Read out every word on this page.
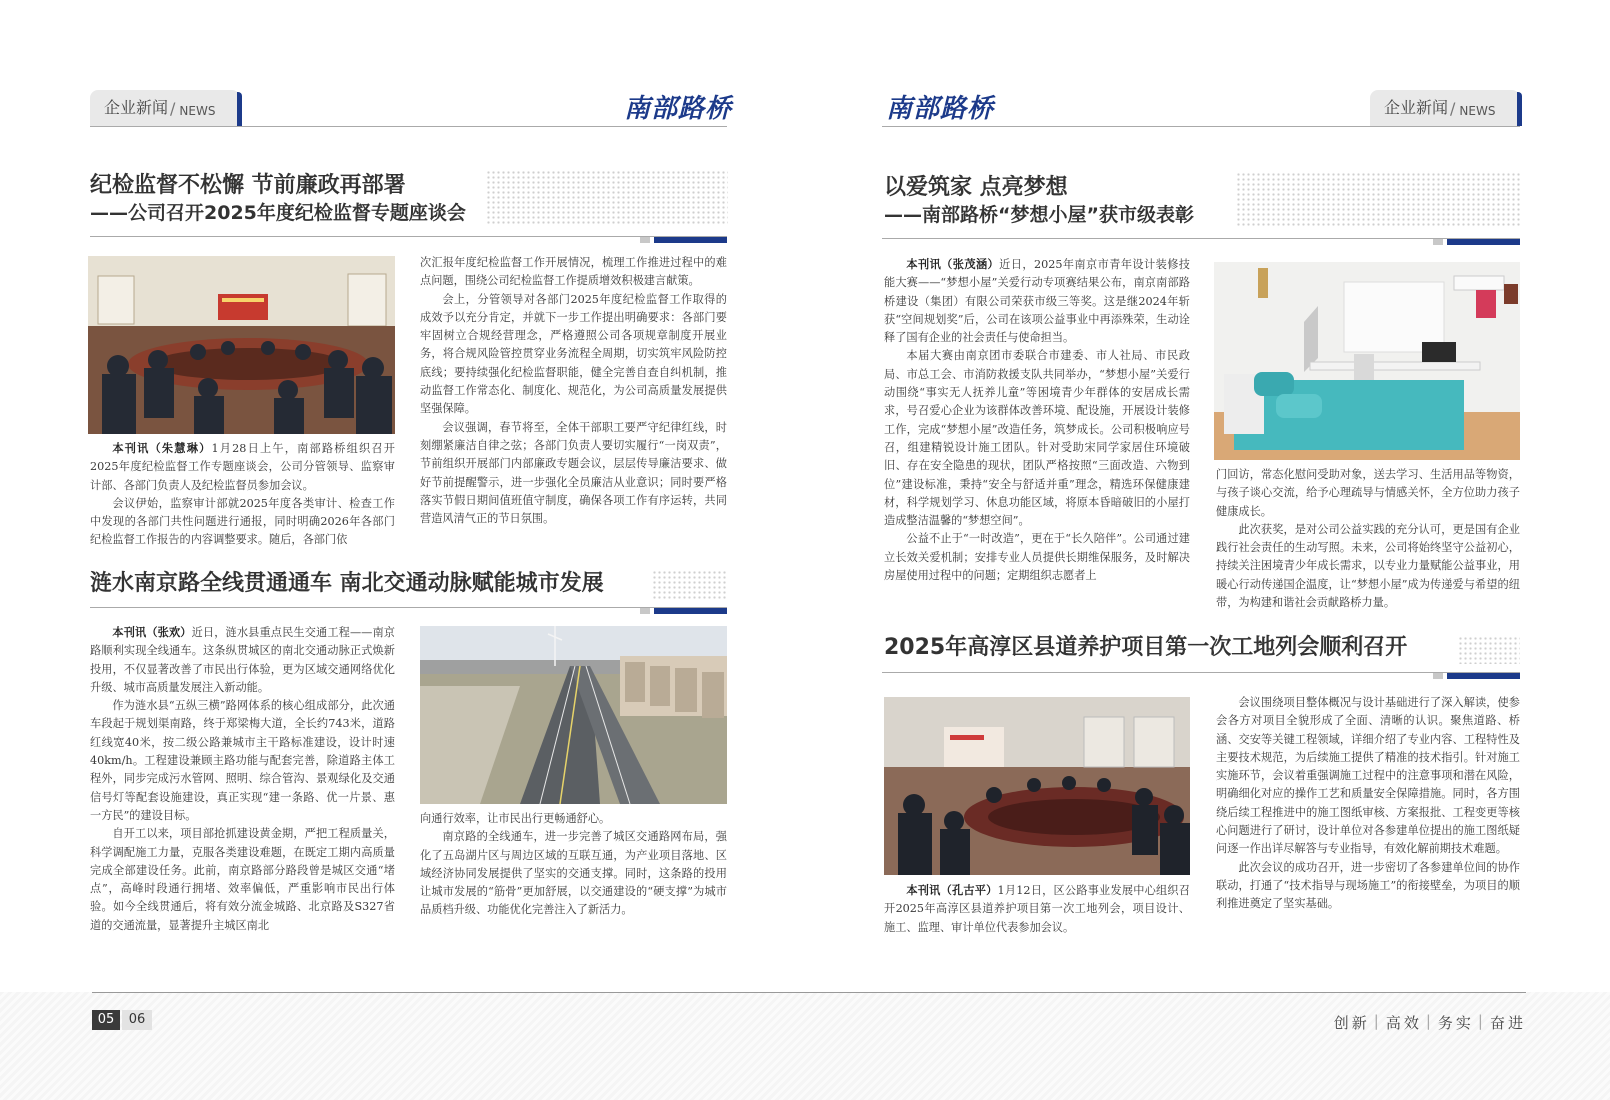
企业新闻 / NEWS	南部路桥	南部路桥	企业新闻 / NEWS
纪检监督不松懈 节前廉政再部署
——公司召开2025年度纪检监督专题座谈会

本刊讯（朱慧琳）1月28日上午，南部路桥组织召开2025年度纪检监督工作专题座谈会，公司分管领导、监察审计部、各部门负责人及纪检监督员参加会议。

会议伊始，监察审计部就2025年度各类审计、检查工作中发现的各部门共性问题进行通报，同时明确2026年各部门纪检监督工作报告的内容调整要求。随后，各部门依

次汇报年度纪检监督工作开展情况，梳理工作推进过程中的难点问题，围绕公司纪检监督工作提质增效积极建言献策。

会上，分管领导对各部门2025年度纪检监督工作取得的成效予以充分肯定，并就下一步工作提出明确要求：各部门要牢固树立合规经营理念，严格遵照公司各项规章制度开展业务，将合规风险管控贯穿业务流程全周期，切实筑牢风险防控底线；要持续强化纪检监督职能，健全完善自查自纠机制，推动监督工作常态化、制度化、规范化，为公司高质量发展提供坚强保障。

会议强调，春节将至，全体干部职工要严守纪律红线，时刻绷紧廉洁自律之弦；各部门负责人要切实履行“一岗双责”，节前组织开展部门内部廉政专题会议，层层传导廉洁要求、做好节前提醒警示，进一步强化全员廉洁从业意识；同时要严格落实节假日期间值班值守制度，确保各项工作有序运转，共同营造风清气正的节日氛围。

涟水南京路全线贯通通车 南北交通动脉赋能城市发展

本刊讯（张欢）近日，涟水县重点民生交通工程——南京路顺利实现全线通车。这条纵贯城区的南北交通动脉正式焕新投用，不仅显著改善了市民出行体验，更为区域交通网络优化升级、城市高质量发展注入新动能。

作为涟水县“五纵三横”路网体系的核心组成部分，此次通车段起于规划渠南路，终于郑梁梅大道，全长约743米，道路红线宽40米，按二级公路兼城市主干路标准建设，设计时速40km/h。工程建设兼顾主路功能与配套完善，除道路主体工程外，同步完成污水管网、照明、综合管沟、景观绿化及交通信号灯等配套设施建设，真正实现“建一条路、优一片景、惠一方民”的建设目标。

自开工以来，项目部抢抓建设黄金期，严把工程质量关，科学调配施工力量，克服各类建设难题，在既定工期内高质量完成全部建设任务。此前，南京路部分路段曾是城区交通“堵点”，高峰时段通行拥堵、效率偏低，严重影响市民出行体验。如今全线贯通后，将有效分流金城路、北京路及S327省道的交通流量，显著提升主城区南北

向通行效率，让市民出行更畅通舒心。

南京路的全线通车，进一步完善了城区交通路网布局，强化了五岛湖片区与周边区域的互联互通，为产业项目落地、区域经济协同发展提供了坚实的交通支撑。同时，这条路的投用让城市发展的“筋骨”更加舒展，以交通建设的“硬支撑”为城市品质档升级、功能优化完善注入了新活力。

以爱筑家 点亮梦想
——南部路桥“梦想小屋”获市级表彰

本刊讯（张茂涵）近日，2025年南京市青年设计装修技能大赛——“梦想小屋”关爱行动专项赛结果公布，南京南部路桥建设（集团）有限公司荣获市级三等奖。这是继2024年斩获“空间规划奖”后，公司在该项公益事业中再添殊荣，生动诠释了国有企业的社会责任与使命担当。

本届大赛由南京团市委联合市建委、市人社局、市民政局、市总工会、市消防救援支队共同举办，“梦想小屋”关爱行动围绕“事实无人抚养儿童”等困境青少年群体的安居成长需求，号召爱心企业为该群体改善环境、配设施，开展设计装修工作，完成“梦想小屋”改造任务，筑梦成长。公司积极响应号召，组建精锐设计施工团队。针对受助宋同学家居住环境破旧、存在安全隐患的现状，团队严格按照“三面改造、六物到位”建设标准，秉持“安全与舒适并重”理念，精选环保健康建材，科学规划学习、休息功能区域，将原本昏暗破旧的小屋打造成整洁温馨的“梦想空间”。

公益不止于“一时改造”，更在于“长久陪伴”。公司通过建立长效关爱机制；安排专业人员提供长期维保服务，及时解决房屋使用过程中的问题；定期组织志愿者上

门回访，常态化慰问受助对象，送去学习、生活用品等物资，与孩子谈心交流，给予心理疏导与情感关怀，全方位助力孩子健康成长。

此次获奖，是对公司公益实践的充分认可，更是国有企业践行社会责任的生动写照。未来，公司将始终坚守公益初心，持续关注困境青少年成长需求，以专业力量赋能公益事业，用暖心行动传递国企温度，让“梦想小屋”成为传递爱与希望的纽带，为构建和谐社会贡献路桥力量。

2025年高淳区县道养护项目第一次工地列会顺利召开

本刊讯（孔古平）1月12日，区公路事业发展中心组织召开2025年高淳区县道养护项目第一次工地列会，项目设计、施工、监理、审计单位代表参加会议。

会议围绕项目整体概况与设计基础进行了深入解读，使参会各方对项目全貌形成了全面、清晰的认识。聚焦道路、桥涵、交安等关键工程领域，详细介绍了专业内容、工程特性及主要技术规范，为后续施工提供了精准的技术指引。针对施工实施环节，会议着重强调施工过程中的注意事项和潜在风险，明确细化对应的操作工艺和质量安全保障措施。同时，各方围绕后续工程推进中的施工图纸审核、方案报批、工程变更等核心问题进行了研讨，设计单位对各参建单位提出的施工图纸疑问逐一作出详尽解答与专业指导，有效化解前期技术难题。

此次会议的成功召开，进一步密切了各参建单位间的协作联动，打通了“技术指导与现场施工”的衔接壁垒，为项目的顺利推进奠定了坚实基础。

05	06	创新 | 高效 | 务实 | 奋进
